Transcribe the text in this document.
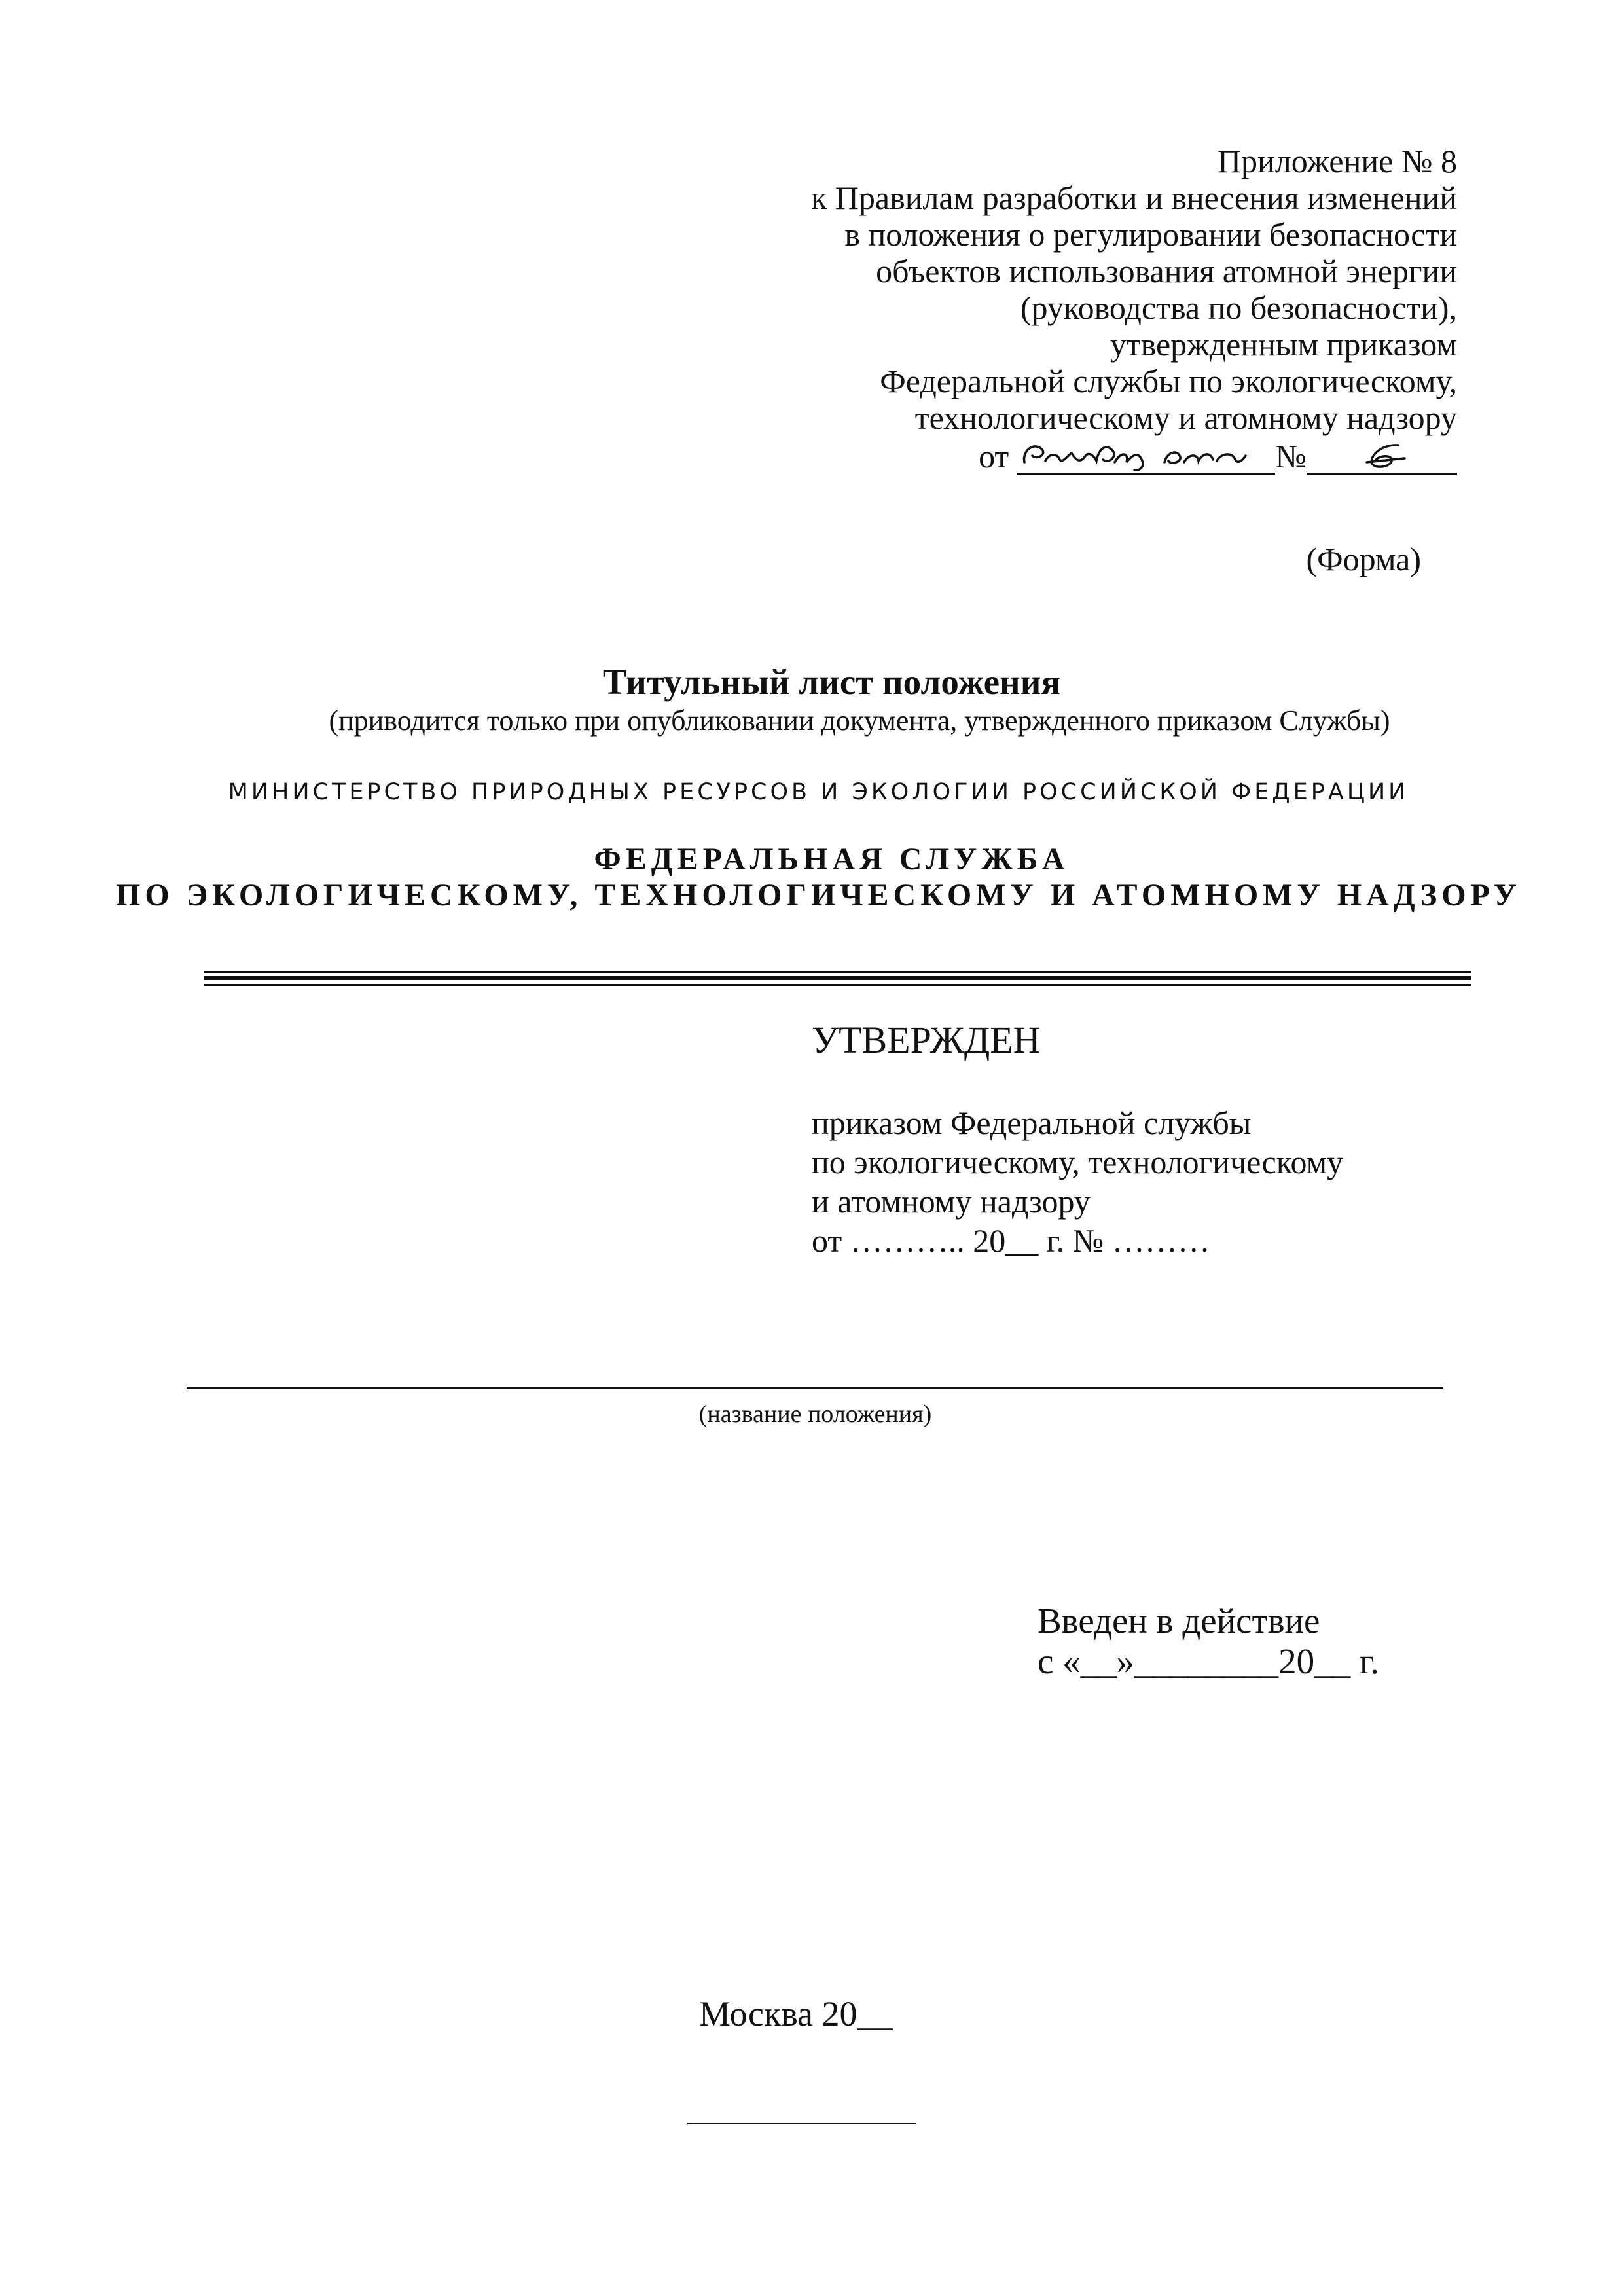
Приложение № 8
к Правилам разработки и внесения изменений
в положения о регулировании безопасности
объектов использования атомной энергии
(руководства по безопасности),
утвержденным приказом
Федеральной службы по экологическому,
технологическому и атомному надзору
от	№
(Форма)
Титульный лист положения
(приводится только при опубликовании документа, утвержденного приказом Службы)
МИНИСТЕРСТВО ПРИРОДНЫХ РЕСУРСОВ И ЭКОЛОГИИ РОССИЙСКОЙ ФЕДЕРАЦИИ
ФЕДЕРАЛЬНАЯ СЛУЖБА
ПО ЭКОЛОГИЧЕСКОМУ, ТЕХНОЛОГИЧЕСКОМУ И АТОМНОМУ НАДЗОРУ
УТВЕРЖДЕН
приказом Федеральной службы
по экологическому, технологическому
и атомному надзору
от ……….. 20__ г. № ………
(название положения)
Введен в действие
с «__»________20__ г.
Москва 20__
